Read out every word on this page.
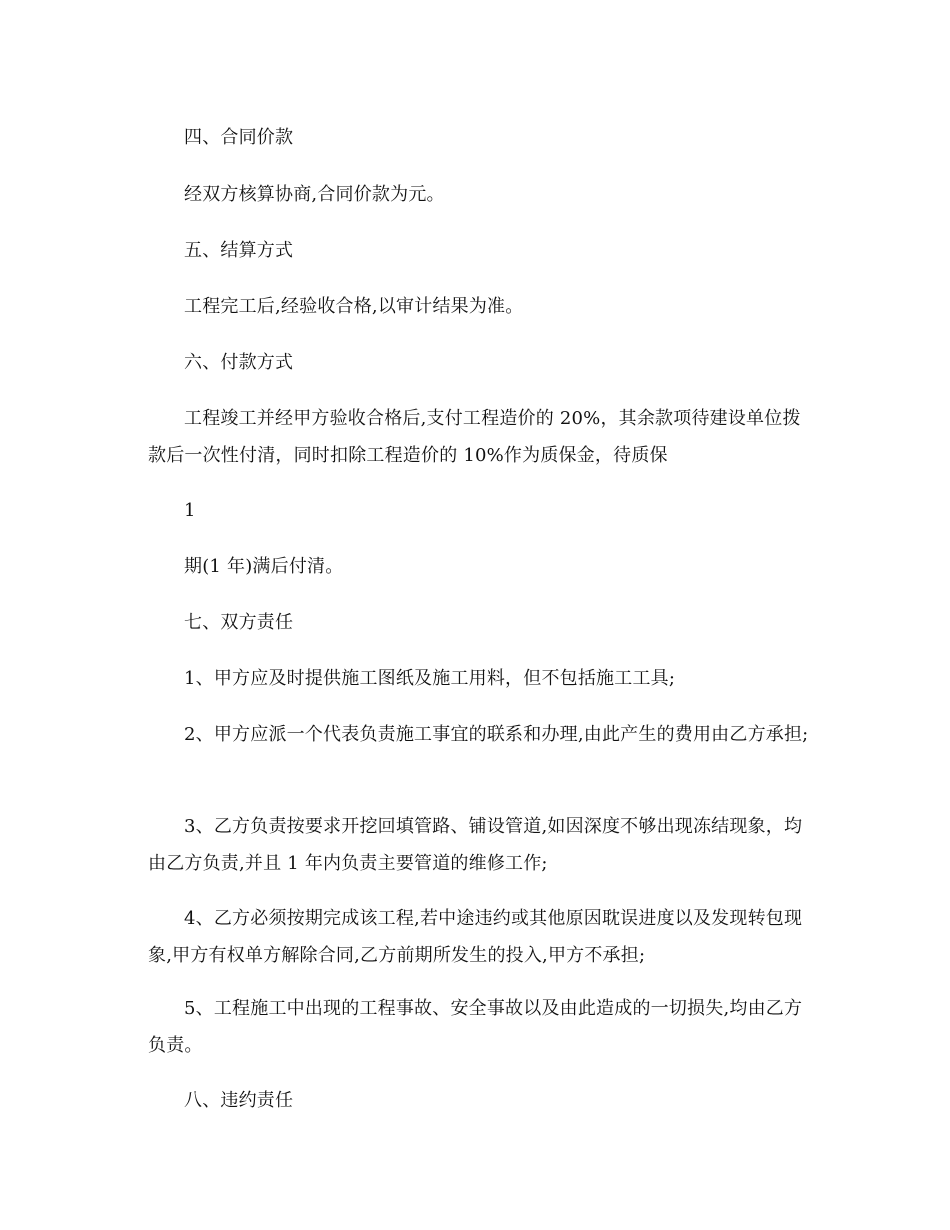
四、合同价款

经双方核算协商,合同价款为元。

五、结算方式

工程完工后,经验收合格,以审计结果为准。

六、付款方式

工程竣工并经甲方验收合格后,支付工程造价的 20%，其余款项待建设单位拨款后一次性付清，同时扣除工程造价的 10%作为质保金，待质保

1

期(1 年)满后付清。

七、双方责任

1、甲方应及时提供施工图纸及施工用料，但不包括施工工具;

2、甲方应派一个代表负责施工事宜的联系和办理,由此产生的费用由乙方承担;

3、乙方负责按要求开挖回填管路、铺设管道,如因深度不够出现冻结现象，均由乙方负责,并且 1 年内负责主要管道的维修工作;

4、乙方必须按期完成该工程,若中途违约或其他原因耽误进度以及发现转包现象,甲方有权单方解除合同,乙方前期所发生的投入,甲方不承担;

5、工程施工中出现的工程事故、安全事故以及由此造成的一切损失,均由乙方负责。

八、违约责任
